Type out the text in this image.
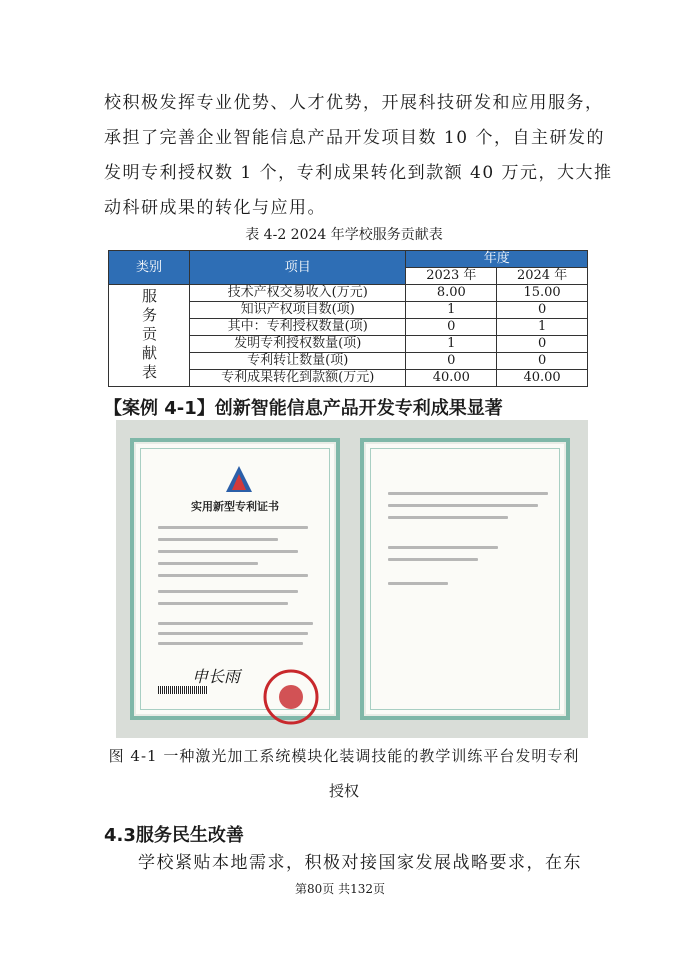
校积极发挥专业优势、人才优势，开展科技研发和应用服务，

承担了完善企业智能信息产品开发项目数 10 个，自主研发的

发明专利授权数 1 个，专利成果转化到款额 40 万元，大大推

动科研成果的转化与应用。

表 4-2 2024 年学校服务贡献表
类别	项目	年度	
		2023 年	2024 年

服务贡献表	技术产权交易收入(万元)	8.00	15.00
	知识产权项目数(项)	1	0
	其中：专利授权数量(项)	0	1
	发明专利授权数量(项)	1	0
	专利转让数量(项)	0	0
	专利成果转化到款额(万元)	40.00	40.00
【案例 4-1】创新智能信息产品开发专利成果显著
实用新型专利证书
申长雨
图 4-1 一种激光加工系统模块化装调技能的教学训练平台发明专利
授权
4.3服务民生改善

学校紧贴本地需求，积极对接国家发展战略要求，在东

第80页 共132页
